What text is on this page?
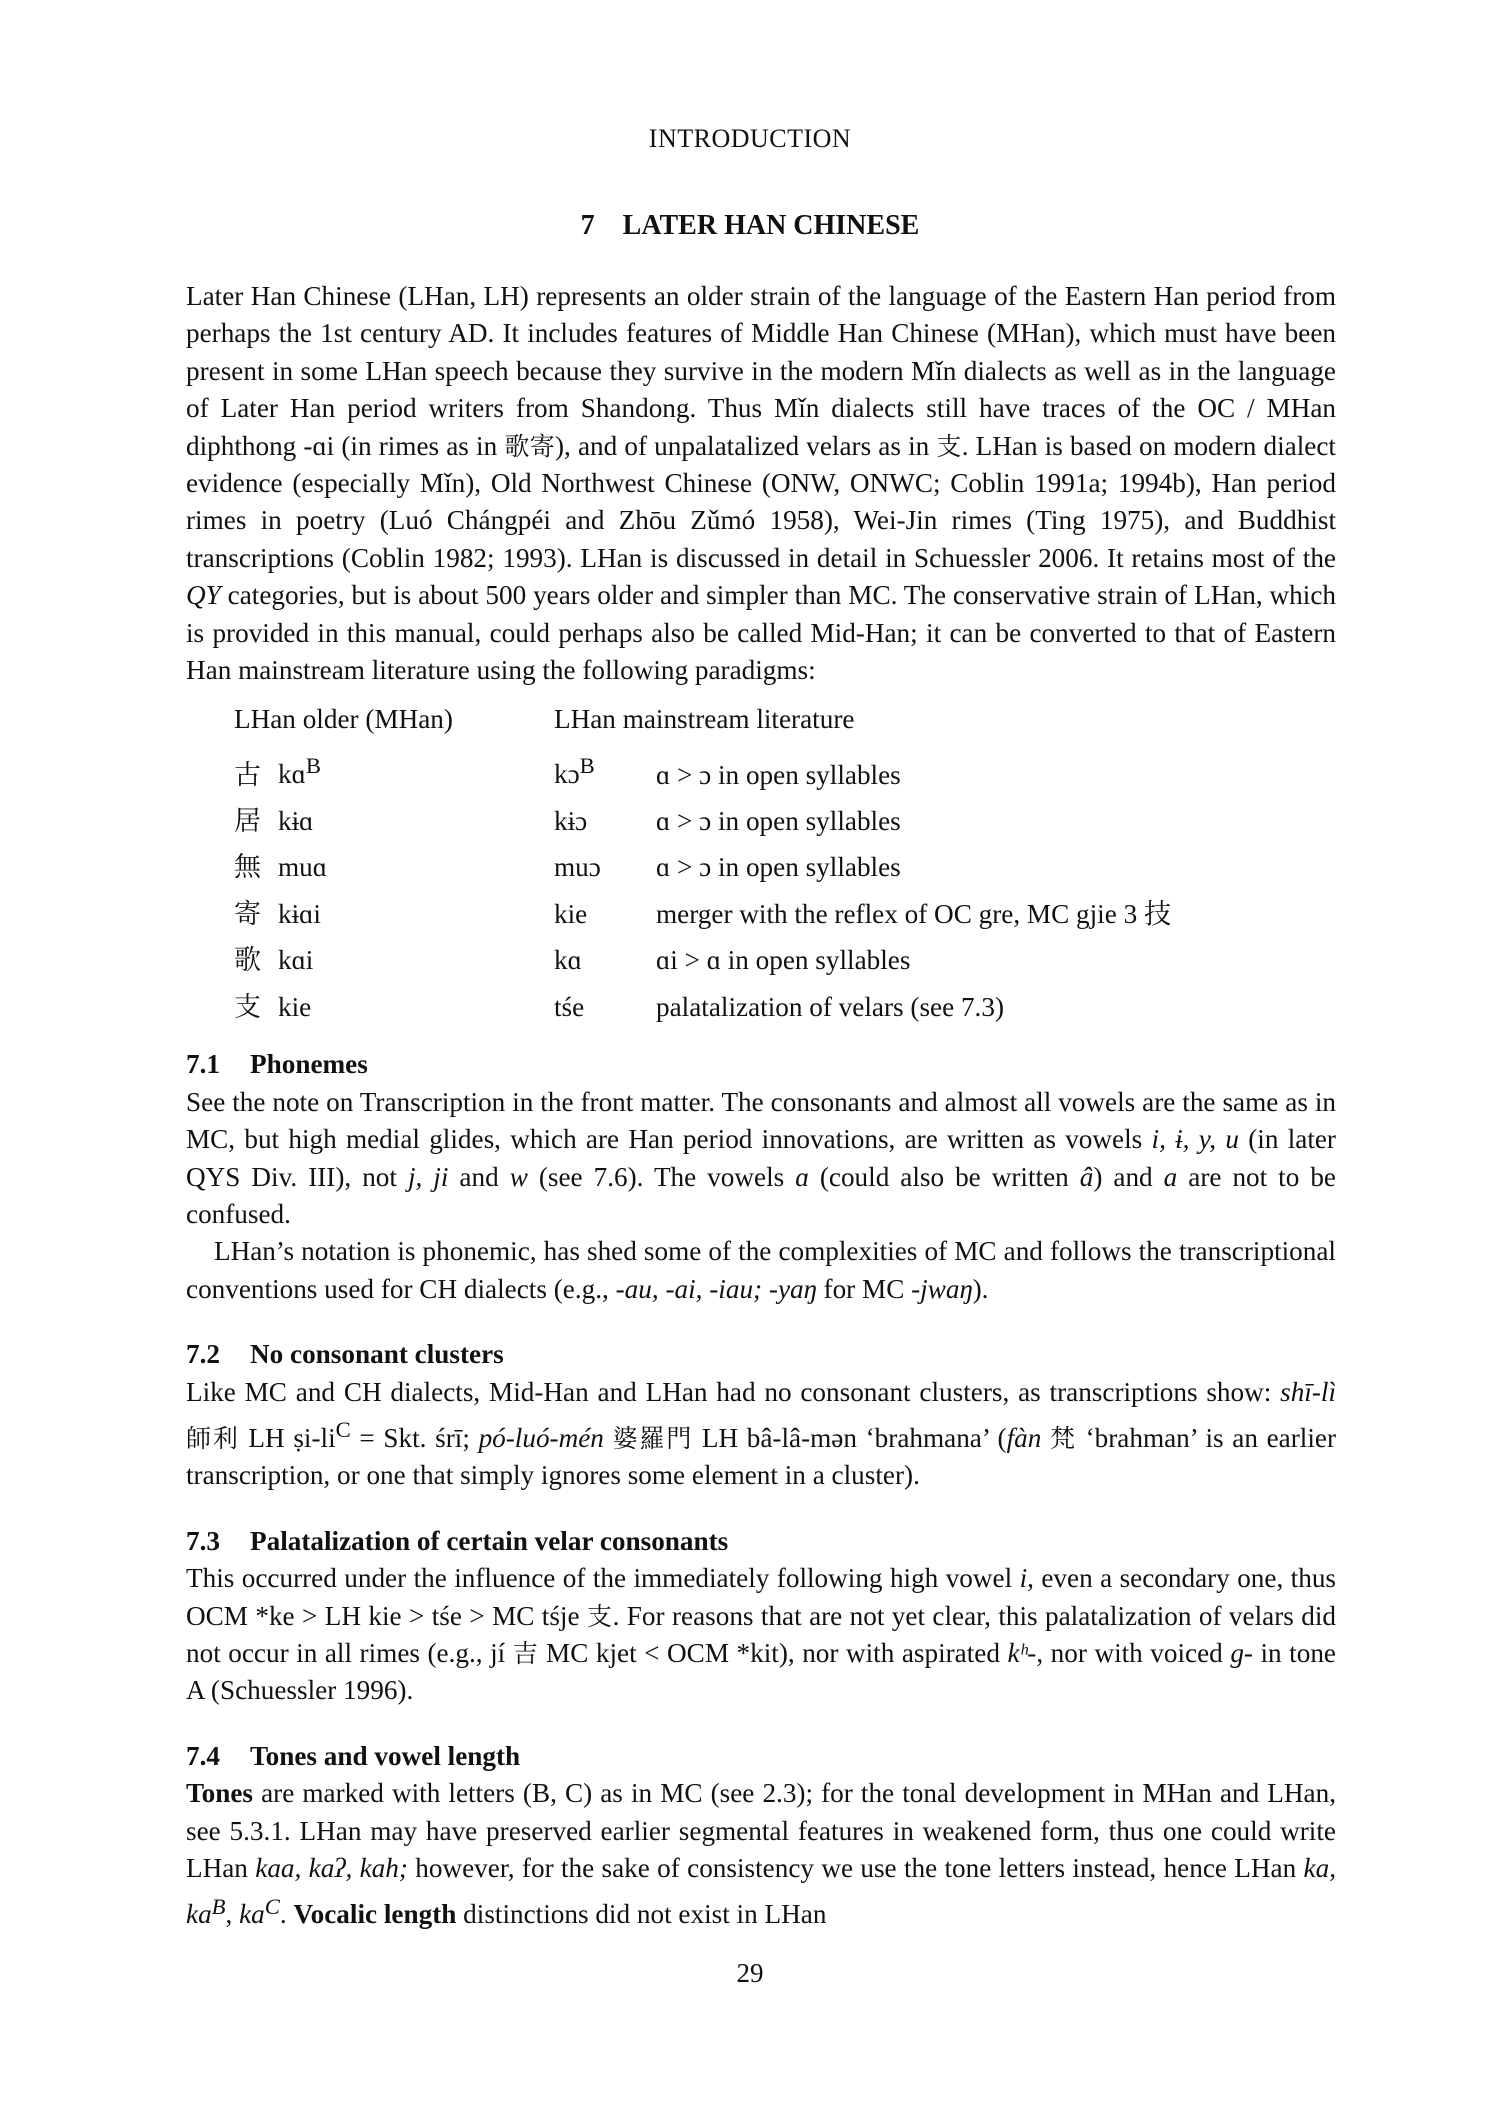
INTRODUCTION
7 LATER HAN CHINESE

Later Han Chinese (LHan, LH) represents an older strain of the language of the Eastern Han period from perhaps the 1st century AD. It includes features of Middle Han Chinese (MHan), which must have been present in some LHan speech because they survive in the modern Mǐn dialects as well as in the language of Later Han period writers from Shandong. Thus Mǐn dialects still have traces of the OC / MHan diphthong -ɑi (in rimes as in 歌寄), and of unpalatalized velars as in 支. LHan is based on modern dialect evidence (especially Mǐn), Old Northwest Chinese (ONW, ONWC; Coblin 1991a; 1994b), Han period rimes in poetry (Luó Chángpéi and Zhōu Zǔmó 1958), Wei-Jin rimes (Ting 1975), and Buddhist transcriptions (Coblin 1982; 1993). LHan is discussed in detail in Schuessler 2006. It retains most of the QY categories, but is about 500 years older and simpler than MC. The conservative strain of LHan, which is provided in this manual, could perhaps also be called Mid-Han; it can be converted to that of Eastern Han mainstream literature using the following paradigms:

LHan older (MHan)		LHan mainstream literature	
古	kɑ$^B$	kɔ$^B$	ɑ > ɔ in open syllables
居	kɨɑ	kɨɔ	ɑ > ɔ in open syllables
無	muɑ	muɔ	ɑ > ɔ in open syllables
寄	kɨɑi	kie	merger with the reflex of OC gre, MC gjie 3 技
歌	kɑi	kɑ	ɑi > ɑ in open syllables
支	kie	tśe	palatalization of velars (see 7.3)
7.1 Phonemes

See the note on Transcription in the front matter. The consonants and almost all vowels are the same as in MC, but high medial glides, which are Han period innovations, are written as vowels i, ɨ, y, u (in later QYS Div. III), not j, ji and w (see 7.6). The vowels ɑ (could also be written â) and a are not to be confused.

LHan’s notation is phonemic, has shed some of the complexities of MC and follows the transcriptional conventions used for CH dialects (e.g., -au, -ai, -iau; -yaŋ for MC -jwaŋ).

7.2 No consonant clusters

Like MC and CH dialects, Mid-Han and LHan had no consonant clusters, as transcriptions show: shī-lì 師利 LH $ṣi-li^C$ = Skt. śrī; pó-luó-mén 婆羅門 LH bâ-lâ-mən ‘brahmana’ (fàn 梵 ‘brahman’ is an earlier transcription, or one that simply ignores some element in a cluster).

7.3 Palatalization of certain velar consonants

This occurred under the influence of the immediately following high vowel i, even a secondary one, thus OCM *ke > LH kie > tśe > MC tśje 支. For reasons that are not yet clear, this palatalization of velars did not occur in all rimes (e.g., jí 吉 MC kjet < OCM *kit), nor with aspirated kʰ-, nor with voiced g- in tone A (Schuessler 1996).

7.4 Tones and vowel length

Tones are marked with letters (B, C) as in MC (see 2.3); for the tonal development in MHan and LHan, see 5.3.1. LHan may have preserved earlier segmental features in weakened form, thus one could write LHan kaa, kaʔ, kah; however, for the sake of consistency we use the tone letters instead, hence LHan ka, $ka^B$, $ka^C$. Vocalic length distinctions did not exist in LHan

29
